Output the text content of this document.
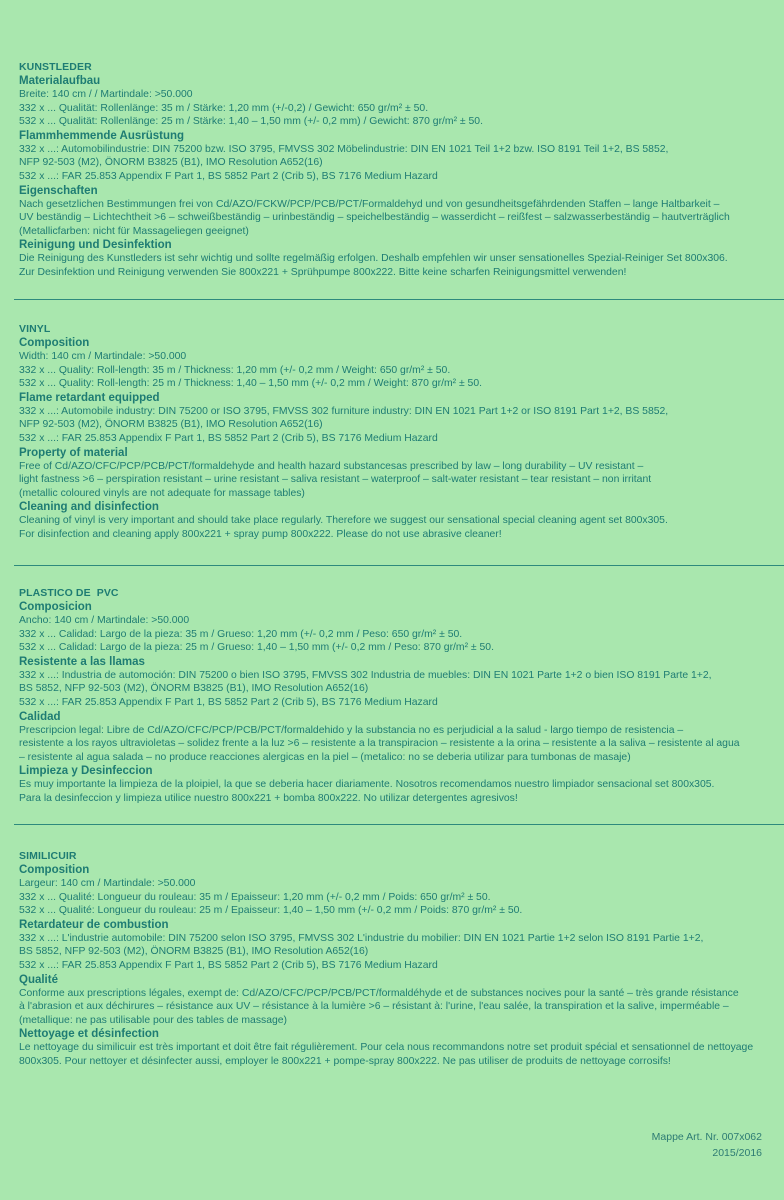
KUNSTLEDER
Materialaufbau
Breite: 140 cm / / Martindale: >50.000
332 x ... Qualität: Rollenlänge: 35 m / Stärke: 1,20 mm (+/-0,2) / Gewicht: 650 gr/m² ± 50.
532 x ... Qualität: Rollenlänge: 25 m / Stärke: 1,40 – 1,50 mm (+/- 0,2 mm) / Gewicht: 870 gr/m² ± 50.
Flammhemmende Ausrüstung
332 x ...: Automobilindustrie: DIN 75200 bzw. ISO 3795, FMVSS 302 Möbelindustrie: DIN EN 1021 Teil 1+2 bzw. ISO 8191 Teil 1+2, BS 5852,
NFP 92-503 (M2), ÖNORM B3825 (B1), IMO Resolution A652(16)
532 x ...: FAR 25.853 Appendix F Part 1, BS 5852 Part 2 (Crib 5), BS 7176 Medium Hazard
Eigenschaften
Nach gesetzlichen Bestimmungen frei von Cd/AZO/FCKW/PCP/PCB/PCT/Formaldehyd und von gesundheitsgefährdenden Staffen – lange Haltbarkeit –
UV beständig – Lichtechtheit >6 – schweißbeständig – urinbeständig – speichelbeständig – wasserdicht – reißfest – salzwasserbeständig – hautverträglich
(Metallicfarben: nicht für Massageliegen geeignet)
Reinigung und Desinfektion
Die Reinigung des Kunstleders ist sehr wichtig und sollte regelmäßig erfolgen. Deshalb empfehlen wir unser sensationelles Spezial-Reiniger Set 800x306.
Zur Desinfektion und Reinigung verwenden Sie 800x221 + Sprühpumpe 800x222. Bitte keine scharfen Reinigungsmittel verwenden!
VINYL
Composition
Width: 140 cm / Martindale: >50.000
332 x ... Quality: Roll-length: 35 m / Thickness: 1,20 mm (+/- 0,2 mm / Weight: 650 gr/m² ± 50.
532 x ... Quality: Roll-length: 25 m / Thickness: 1,40 – 1,50 mm (+/- 0,2 mm / Weight: 870 gr/m² ± 50.
Flame retardant equipped
332 x ...: Automobile industry: DIN 75200 or ISO 3795, FMVSS 302 furniture industry: DIN EN 1021 Part 1+2 or ISO 8191 Part 1+2, BS 5852,
NFP 92-503 (M2), ÖNORM B3825 (B1), IMO Resolution A652(16)
532 x ...: FAR 25.853 Appendix F Part 1, BS 5852 Part 2 (Crib 5), BS 7176 Medium Hazard
Property of material
Free of Cd/AZO/CFC/PCP/PCB/PCT/formaldehyde and health hazard substancesas prescribed by law – long durability – UV resistant –
light fastness >6 – perspiration resistant – urine resistant – saliva resistant – waterproof – salt-water resistant – tear resistant – non irritant
(metallic coloured vinyls are not adequate for massage tables)
Cleaning and disinfection
Cleaning of vinyl is very important and should take place regularly. Therefore we suggest our sensational special cleaning agent set 800x305.
For disinfection and cleaning apply 800x221 + spray pump 800x222. Please do not use abrasive cleaner!
PLASTICO DE  PVC
Composicion
Ancho: 140 cm / Martindale: >50.000
332 x ... Calidad: Largo de la pieza: 35 m / Grueso: 1,20 mm (+/- 0,2 mm / Peso: 650 gr/m² ± 50.
532 x ... Calidad: Largo de la pieza: 25 m / Grueso: 1,40 – 1,50 mm (+/- 0,2 mm / Peso: 870 gr/m² ± 50.
Resistente a las llamas
332 x ...: Industria de automoción: DIN 75200 o bien ISO 3795, FMVSS 302 Industria de muebles: DIN EN 1021 Parte 1+2 o bien ISO 8191 Parte 1+2,
BS 5852, NFP 92-503 (M2), ÖNORM B3825 (B1), IMO Resolution A652(16)
532 x ...: FAR 25.853 Appendix F Part 1, BS 5852 Part 2 (Crib 5), BS 7176 Medium Hazard
Calidad
Prescripcion legal: Libre de Cd/AZO/CFC/PCP/PCB/PCT/formaldehido y la substancia no es perjudicial a la salud - largo tiempo de resistencia –
resistente a los rayos ultravioletas – solidez frente a la luz >6 – resistente a la transpiracion – resistente a la orina – resistente a la saliva – resistente al agua
– resistente al agua salada – no produce reacciones alergicas en la piel – (metalico: no se deberia utilizar para tumbonas de masaje)
Limpieza y Desinfeccion
Es muy importante la limpieza de la ploipiel, la que se deberia hacer diariamente. Nosotros recomendamos nuestro limpiador sensacional set 800x305.
Para la desinfeccion y limpieza utilice nuestro 800x221 + bomba 800x222. No utilizar detergentes agresivos!
SIMILICUIR
Composition
Largeur: 140 cm / Martindale: >50.000
332 x ... Qualité: Longueur du rouleau: 35 m / Epaisseur: 1,20 mm (+/- 0,2 mm / Poids: 650 gr/m² ± 50.
532 x ... Qualité: Longueur du rouleau: 25 m / Epaisseur: 1,40 – 1,50 mm (+/- 0,2 mm / Poids: 870 gr/m² ± 50.
Retardateur de combustion
332 x ...: L'industrie automobile: DIN 75200 selon ISO 3795, FMVSS 302 L'industrie du mobilier: DIN EN 1021 Partie 1+2 selon ISO 8191 Partie 1+2,
BS 5852, NFP 92-503 (M2), ÖNORM B3825 (B1), IMO Resolution A652(16)
532 x ...: FAR 25.853 Appendix F Part 1, BS 5852 Part 2 (Crib 5), BS 7176 Medium Hazard
Qualité
Conforme aux prescriptions légales, exempt de: Cd/AZO/CFC/PCP/PCB/PCT/formaldéhyde et de substances nocives pour la santé – très grande résistance
à l'abrasion et aux déchirures – résistance aux UV – résistance à la lumière >6 – résistant à: l'urine, l'eau salée, la transpiration et la salive, imperméable –
(metallique: ne pas utilisable pour des tables de massage)
Nettoyage et désinfection
Le nettoyage du similicuir est très important et doit être fait régulièrement. Pour cela nous recommandons notre set produit spécial et sensationnel de nettoyage
800x305. Pour nettoyer et désinfecter aussi, employer le 800x221 + pompe-spray 800x222. Ne pas utiliser de produits de nettoyage corrosifs!
Mappe Art. Nr. 007x062
2015/2016
